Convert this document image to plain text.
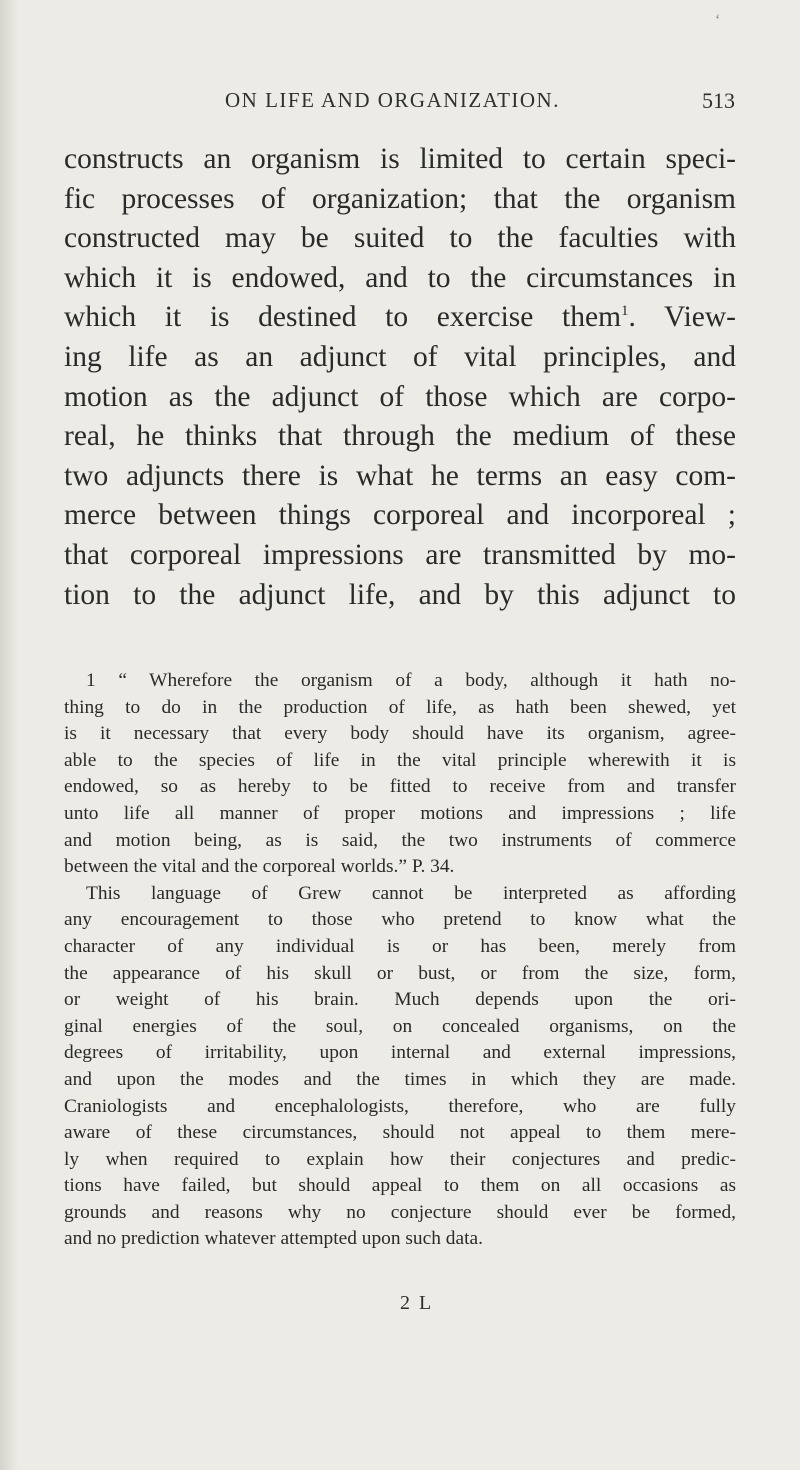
ʻ
ON LIFE AND ORGANIZATION.	513
constructs an organism is limited to certain speci-
fic processes of organization; that the organism
constructed may be suited to the faculties with
which it is endowed, and to the circumstances in
which it is destined to exercise them$^1$. View-
ing life as an adjunct of vital principles, and
motion as the adjunct of those which are corpo-
real, he thinks that through the medium of these
two adjuncts there is what he terms an easy com-
merce between things corporeal and incorporeal ;
that corporeal impressions are transmitted by mo-
tion to the adjunct life, and by this adjunct to
1 “ Wherefore the organism of a body, although it hath no-
thing to do in the production of life, as hath been shewed, yet
is it necessary that every body should have its organism, agree-
able to the species of life in the vital principle wherewith it is
endowed, so as hereby to be fitted to receive from and transfer
unto life all manner of proper motions and impressions ; life
and motion being, as is said, the two instruments of commerce
between the vital and the corporeal worlds.” P. 34.
This language of Grew cannot be interpreted as affording
any encouragement to those who pretend to know what the
character of any individual is or has been, merely from
the appearance of his skull or bust, or from the size, form,
or weight of his brain. Much depends upon the ori-
ginal energies of the soul, on concealed organisms, on the
degrees of irritability, upon internal and external impressions,
and upon the modes and the times in which they are made.
Craniologists and encephalologists, therefore, who are fully
aware of these circumstances, should not appeal to them mere-
ly when required to explain how their conjectures and predic-
tions have failed, but should appeal to them on all occasions as
grounds and reasons why no conjecture should ever be formed,
and no prediction whatever attempted upon such data.
2 L
